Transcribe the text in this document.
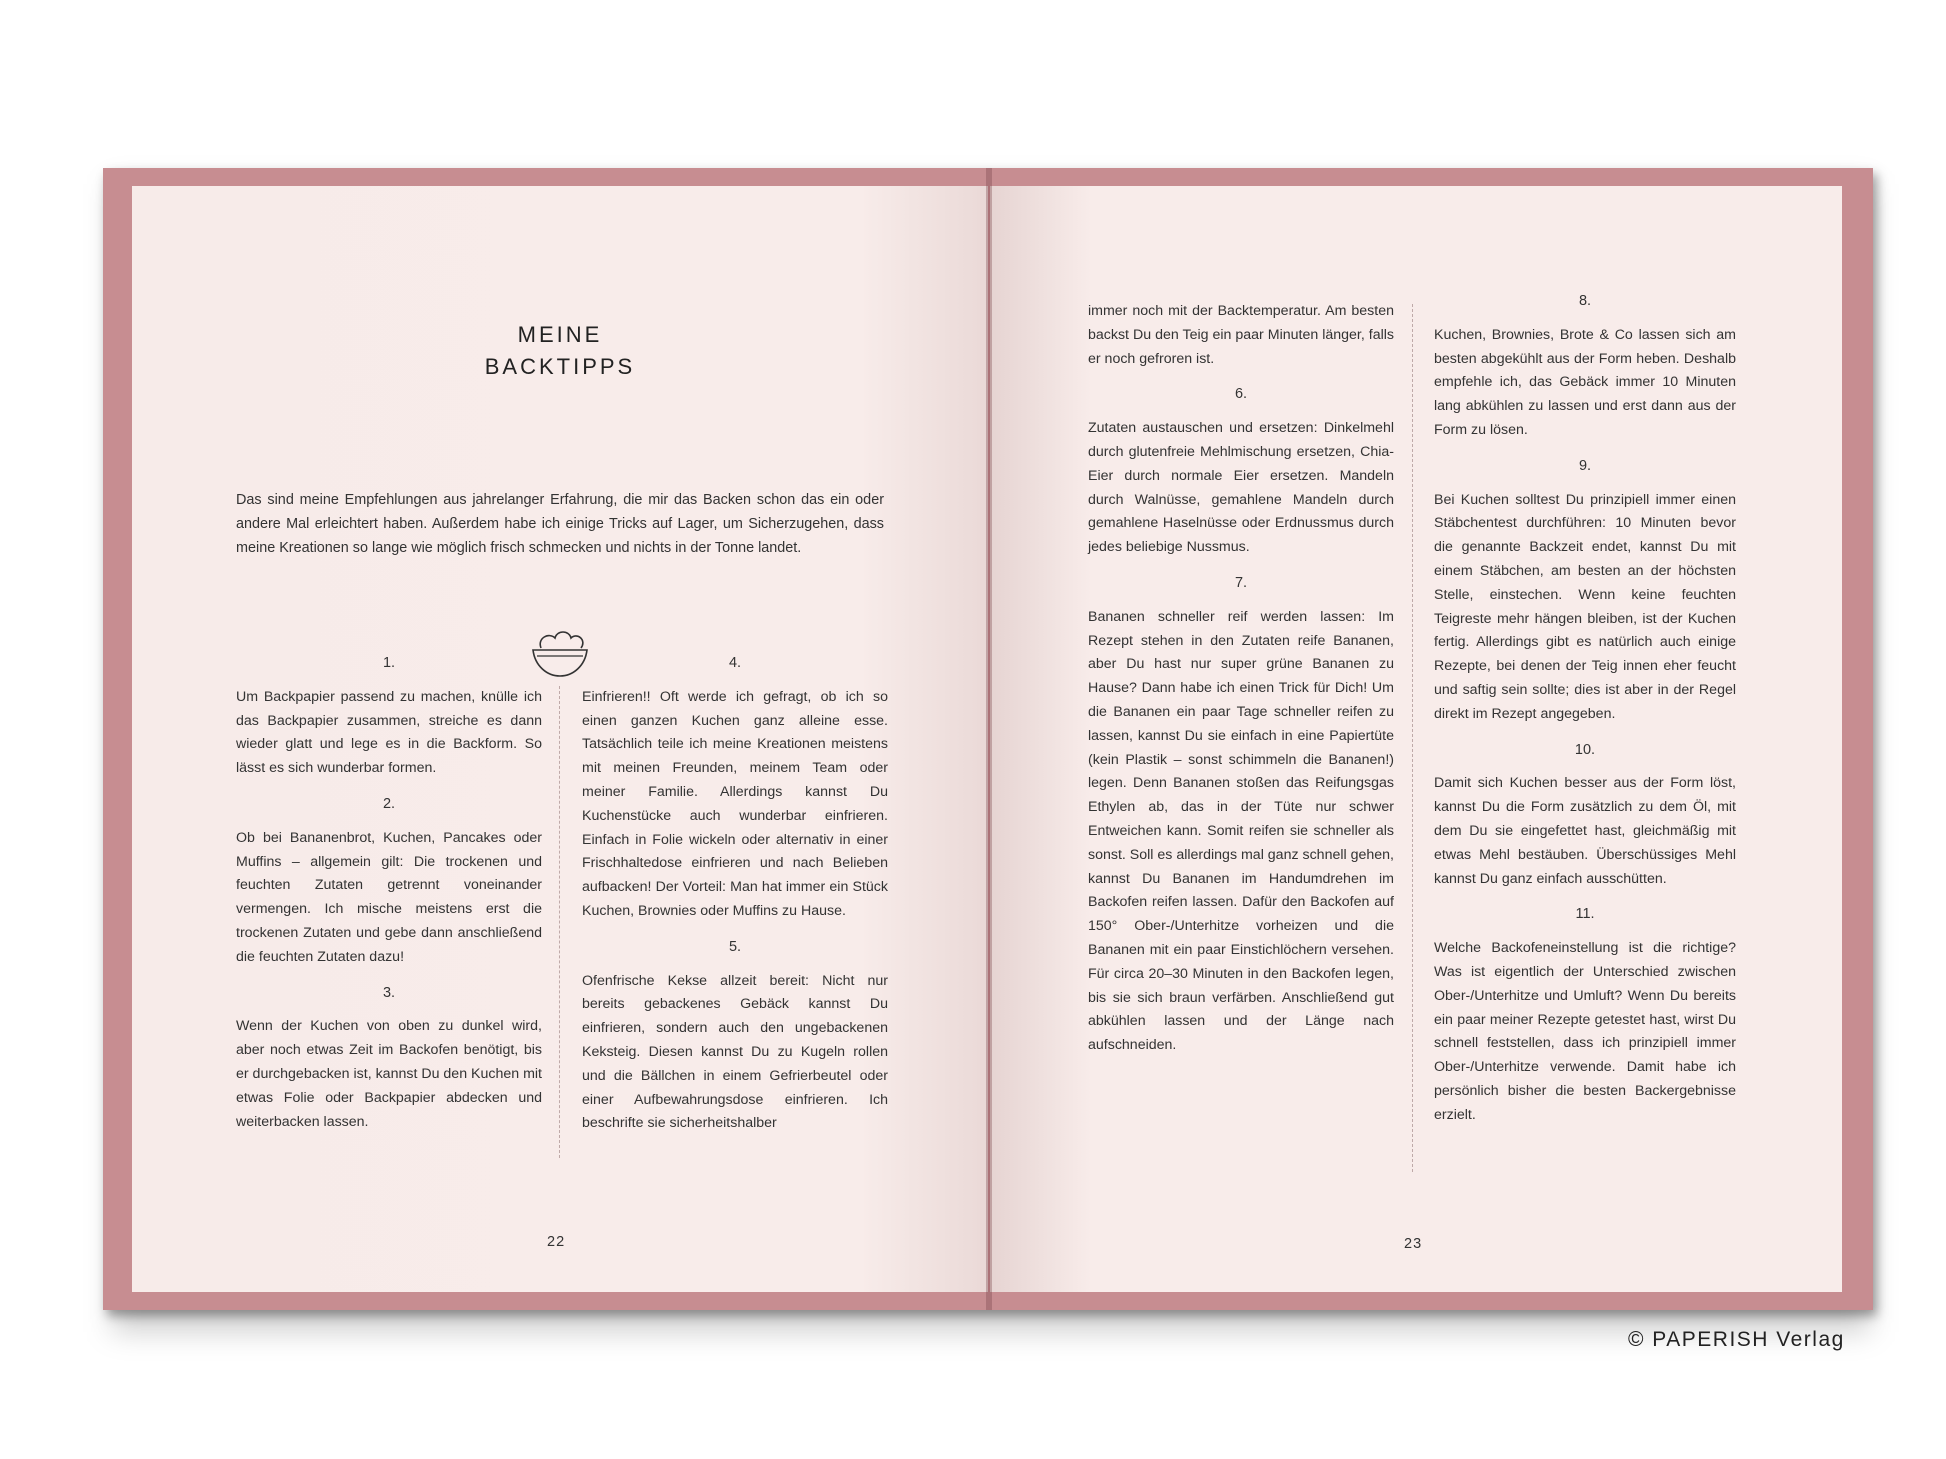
MEINE
BACKTIPPS
Das sind meine Empfehlungen aus jahrelanger Erfahrung, die mir das Backen schon das ein oder andere Mal erleichtert haben. Außerdem habe ich einige Tricks auf Lager, um Sicherzugehen, dass meine Kreationen so lange wie möglich frisch schmecken und nichts in der Tonne landet.
1.

Um Backpapier passend zu machen, knülle ich das Backpapier zusammen, streiche es dann wieder glatt und lege es in die Backform. So lässt es sich wunderbar formen.

2.

Ob bei Bananenbrot, Kuchen, Pancakes oder Muffins – allgemein gilt: Die trockenen und feuchten Zutaten getrennt voneinander vermengen. Ich mische meistens erst die trockenen Zutaten und gebe dann anschließend die feuchten Zutaten dazu!

3.

Wenn der Kuchen von oben zu dunkel wird, aber noch etwas Zeit im Backofen benötigt, bis er durchgebacken ist, kannst Du den Kuchen mit etwas Folie oder Backpapier abdecken und weiterbacken lassen.

4.

Einfrieren!! Oft werde ich gefragt, ob ich so einen ganzen Kuchen ganz alleine esse. Tatsächlich teile ich meine Kreationen meistens mit meinen Freunden, meinem Team oder meiner Familie. Allerdings kannst Du Kuchenstücke auch wunderbar einfrieren. Einfach in Folie wickeln oder alternativ in einer Frischhaltedose einfrieren und nach Belieben aufbacken! Der Vorteil: Man hat immer ein Stück Kuchen, Brownies oder Muffins zu Hause.

5.

Ofenfrische Kekse allzeit bereit: Nicht nur bereits gebackenes Gebäck kannst Du einfrieren, sondern auch den ungebackenen Keksteig. Diesen kannst Du zu Kugeln rollen und die Bällchen in einem Gefrierbeutel oder einer Aufbewahrungsdose einfrieren. Ich beschrifte sie sicherheitshalber

22

immer noch mit der Backtemperatur. Am besten backst Du den Teig ein paar Minuten länger, falls er noch gefroren ist.

6.

Zutaten austauschen und ersetzen: Dinkelmehl durch glutenfreie Mehlmischung ersetzen, Chia-Eier durch normale Eier ersetzen. Mandeln durch Walnüsse, gemahlene Mandeln durch gemahlene Haselnüsse oder Erdnussmus durch jedes beliebige Nussmus.

7.

Bananen schneller reif werden lassen: Im Rezept stehen in den Zutaten reife Bananen, aber Du hast nur super grüne Bananen zu Hause? Dann habe ich einen Trick für Dich! Um die Bananen ein paar Tage schneller reifen zu lassen, kannst Du sie einfach in eine Papiertüte (kein Plastik – sonst schimmeln die Bananen!) legen. Denn Bananen stoßen das Reifungsgas Ethylen ab, das in der Tüte nur schwer Entweichen kann. Somit reifen sie schneller als sonst. Soll es allerdings mal ganz schnell gehen, kannst Du Bananen im Handumdrehen im Backofen reifen lassen. Dafür den Backofen auf 150° Ober-/Unterhitze vorheizen und die Bananen mit ein paar Einstichlöchern versehen. Für circa 20–30 Minuten in den Backofen legen, bis sie sich braun verfärben. Anschließend gut abkühlen lassen und der Länge nach aufschneiden.

8.

Kuchen, Brownies, Brote & Co lassen sich am besten abgekühlt aus der Form heben. Deshalb empfehle ich, das Gebäck immer 10 Minuten lang abkühlen zu lassen und erst dann aus der Form zu lösen.

9.

Bei Kuchen solltest Du prinzipiell immer einen Stäbchentest durchführen: 10 Minuten bevor die genannte Backzeit endet, kannst Du mit einem Stäbchen, am besten an der höchsten Stelle, einstechen. Wenn keine feuchten Teigreste mehr hängen bleiben, ist der Kuchen fertig. Allerdings gibt es natürlich auch einige Rezepte, bei denen der Teig innen eher feucht und saftig sein sollte; dies ist aber in der Regel direkt im Rezept angegeben.

10.

Damit sich Kuchen besser aus der Form löst, kannst Du die Form zusätzlich zu dem Öl, mit dem Du sie eingefettet hast, gleichmäßig mit etwas Mehl bestäuben. Überschüssiges Mehl kannst Du ganz einfach ausschütten.

11.

Welche Backofeneinstellung ist die richtige? Was ist eigentlich der Unterschied zwischen Ober-/Unterhitze und Umluft? Wenn Du bereits ein paar meiner Rezepte getestet hast, wirst Du schnell feststellen, dass ich prinzipiell immer Ober-/Unterhitze verwende. Damit habe ich persönlich bisher die besten Backergebnisse erzielt.

23
© PAPERISH Verlag
